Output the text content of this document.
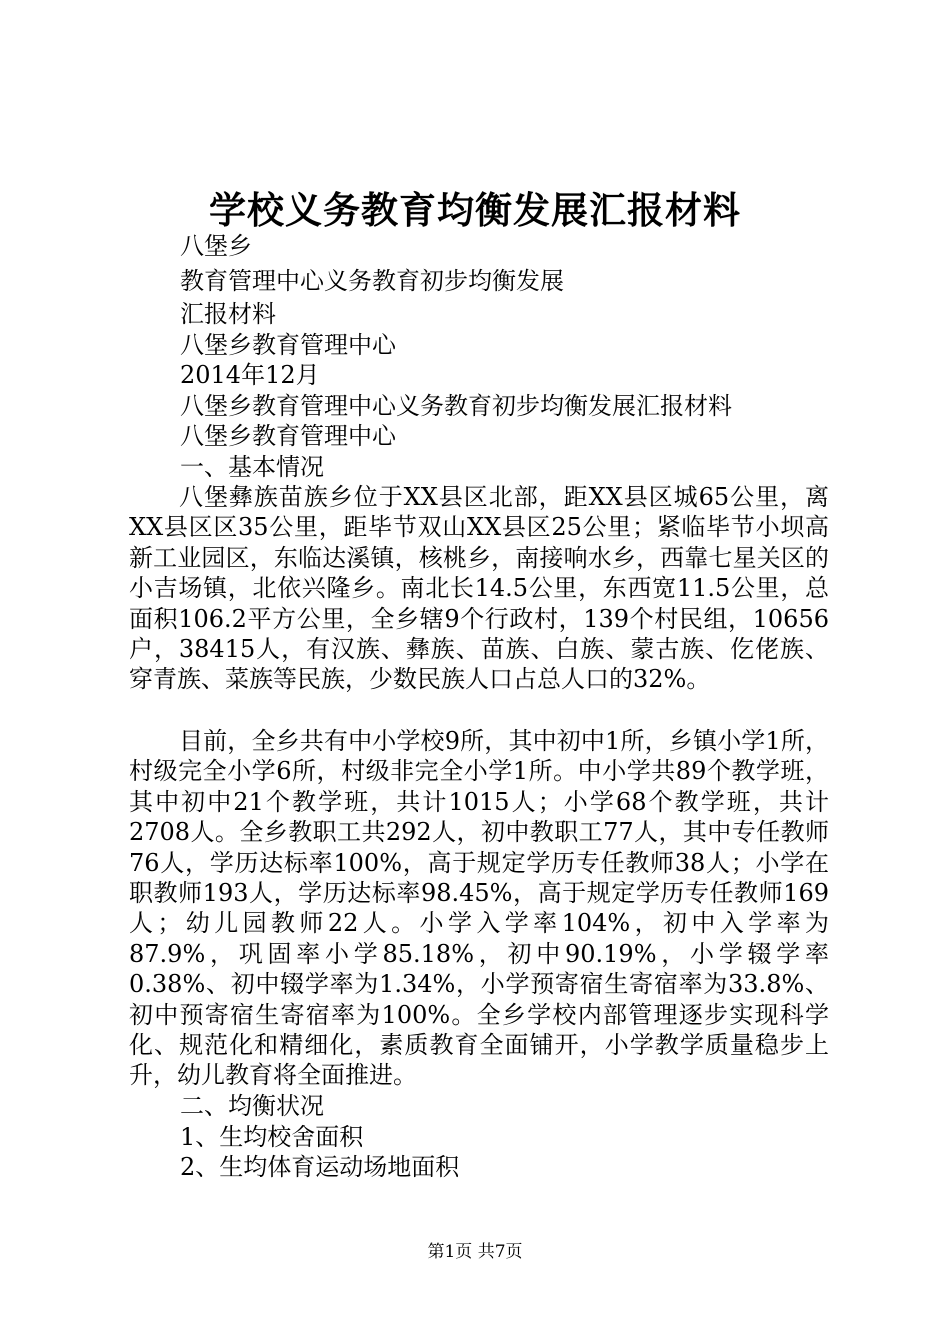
学校义务教育均衡发展汇报材料
八堡乡
教育管理中心义务教育初步均衡发展
汇报材料
八堡乡教育管理中心
2014年12月
八堡乡教育管理中心义务教育初步均衡发展汇报材料
八堡乡教育管理中心
一、基本情况

八堡彝族苗族乡位于XX县区北部，距XX县区城65公里，离XX县区区35公里，距毕节双山XX县区25公里；紧临毕节小坝高新工业园区，东临达溪镇，核桃乡，南接响水乡，西靠七星关区的小吉场镇，北依兴隆乡。南北长14.5公里，东西宽11.5公里，总面积106.2平方公里，全乡辖9个行政村，139个村民组，10656户，38415人，有汉族、彝族、苗族、白族、蒙古族、仡佬族、穿青族、菜族等民族，少数民族人口占总人口的32%。

目前，全乡共有中小学校9所，其中初中1所，乡镇小学1所，村级完全小学6所，村级非完全小学1所。中小学共89个教学班，其中初中21个教学班，共计1015人；小学68个教学班，共计2708人。全乡教职工共292人，初中教职工77人，其中专任教师76人，学历达标率100%，高于规定学历专任教师38人；小学在职教师193人，学历达标率98.45%，高于规定学历专任教师169人；幼儿园教师22人。小学入学率104%，初中入学率为87.9%，巩固率小学85.18%，初中90.19%，小学辍学率0.38%、初中辍学率为1.34%，小学预寄宿生寄宿率为33.8%、初中预寄宿生寄宿率为100%。全乡学校内部管理逐步实现科学化、规范化和精细化，素质教育全面铺开，小学教学质量稳步上升，幼儿教育将全面推进。

二、均衡状况
1、生均校舍面积
2、生均体育运动场地面积
第1页 共7页
